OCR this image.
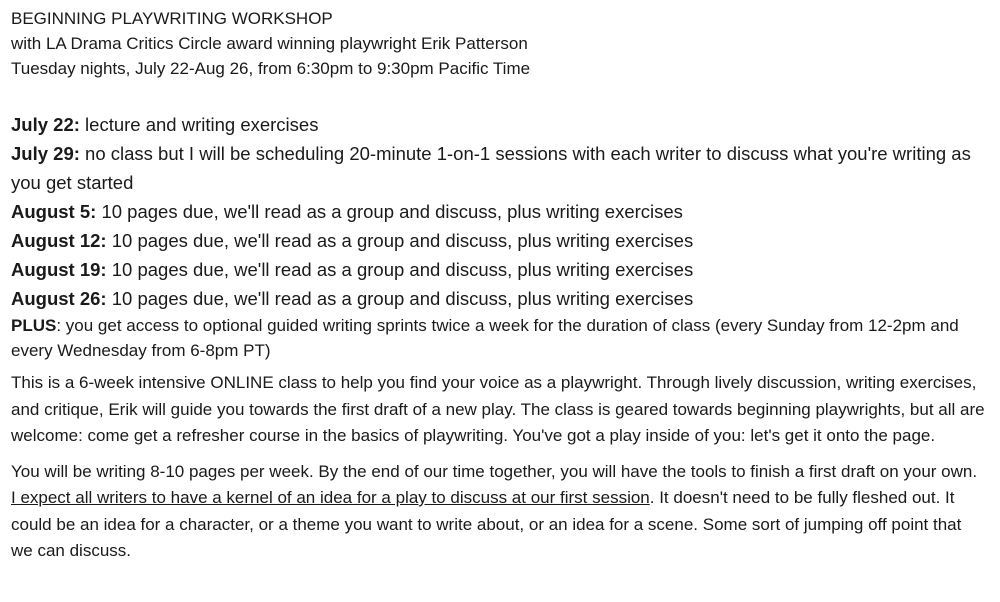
BEGINNING PLAYWRITING WORKSHOP

with LA Drama Critics Circle award winning playwright Erik Patterson

Tuesday nights, July 22-Aug 26, from 6:30pm to 9:30pm Pacific Time

July 22: lecture and writing exercises

July 29: no class but I will be scheduling 20-minute 1-on-1 sessions with each writer to discuss what you're writing as you get started

August 5: 10 pages due, we'll read as a group and discuss, plus writing exercises

August 12: 10 pages due, we'll read as a group and discuss, plus writing exercises

August 19: 10 pages due, we'll read as a group and discuss, plus writing exercises

August 26: 10 pages due, we'll read as a group and discuss, plus writing exercises

PLUS: you get access to optional guided writing sprints twice a week for the duration of class (every Sunday from 12-2pm and every Wednesday from 6-8pm PT)

This is a 6-week intensive ONLINE class to help you find your voice as a playwright. Through lively discussion, writing exercises, and critique, Erik will guide you towards the first draft of a new play. The class is geared towards beginning playwrights, but all are welcome: come get a refresher course in the basics of playwriting. You've got a play inside of you: let's get it onto the page.

You will be writing 8-10 pages per week. By the end of our time together, you will have the tools to finish a first draft on your own. I expect all writers to have a kernel of an idea for a play to discuss at our first session. It doesn't need to be fully fleshed out. It could be an idea for a character, or a theme you want to write about, or an idea for a scene. Some sort of jumping off point that we can discuss.
